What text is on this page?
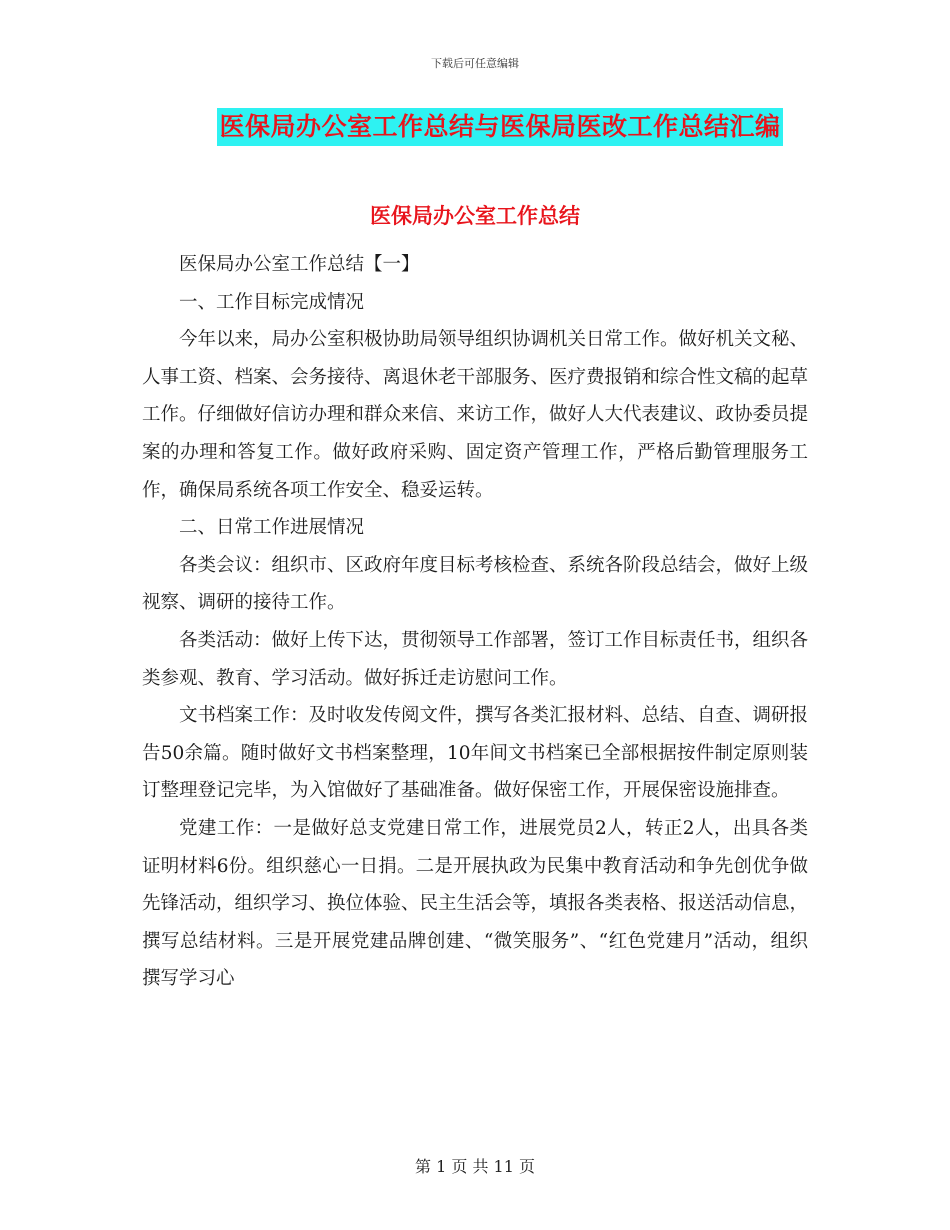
下载后可任意编辑
医保局办公室工作总结与医保局医改工作总结汇编
医保局办公室工作总结

医保局办公室工作总结【一】

一、工作目标完成情况

今年以来，局办公室积极协助局领导组织协调机关日常工作。做好机关文秘、人事工资、档案、会务接待、离退休老干部服务、医疗费报销和综合性文稿的起草工作。仔细做好信访办理和群众来信、来访工作，做好人大代表建议、政协委员提案的办理和答复工作。做好政府采购、固定资产管理工作，严格后勤管理服务工作，确保局系统各项工作安全、稳妥运转。

二、日常工作进展情况

各类会议：组织市、区政府年度目标考核检查、系统各阶段总结会，做好上级视察、调研的接待工作。

各类活动：做好上传下达，贯彻领导工作部署，签订工作目标责任书，组织各类参观、教育、学习活动。做好拆迁走访慰问工作。

文书档案工作：及时收发传阅文件，撰写各类汇报材料、总结、自查、调研报告50余篇。随时做好文书档案整理，10年间文书档案已全部根据按件制定原则装订整理登记完毕，为入馆做好了基础准备。做好保密工作，开展保密设施排查。

党建工作：一是做好总支党建日常工作，进展党员2人，转正2人，出具各类证明材料6份。组织慈心一日捐。二是开展执政为民集中教育活动和争先创优争做先锋活动，组织学习、换位体验、民主生活会等，填报各类表格、报送活动信息，撰写总结材料。三是开展党建品牌创建、“微笑服务”、“红色党建月”活动，组织撰写学习心

第 1 页 共 11 页
